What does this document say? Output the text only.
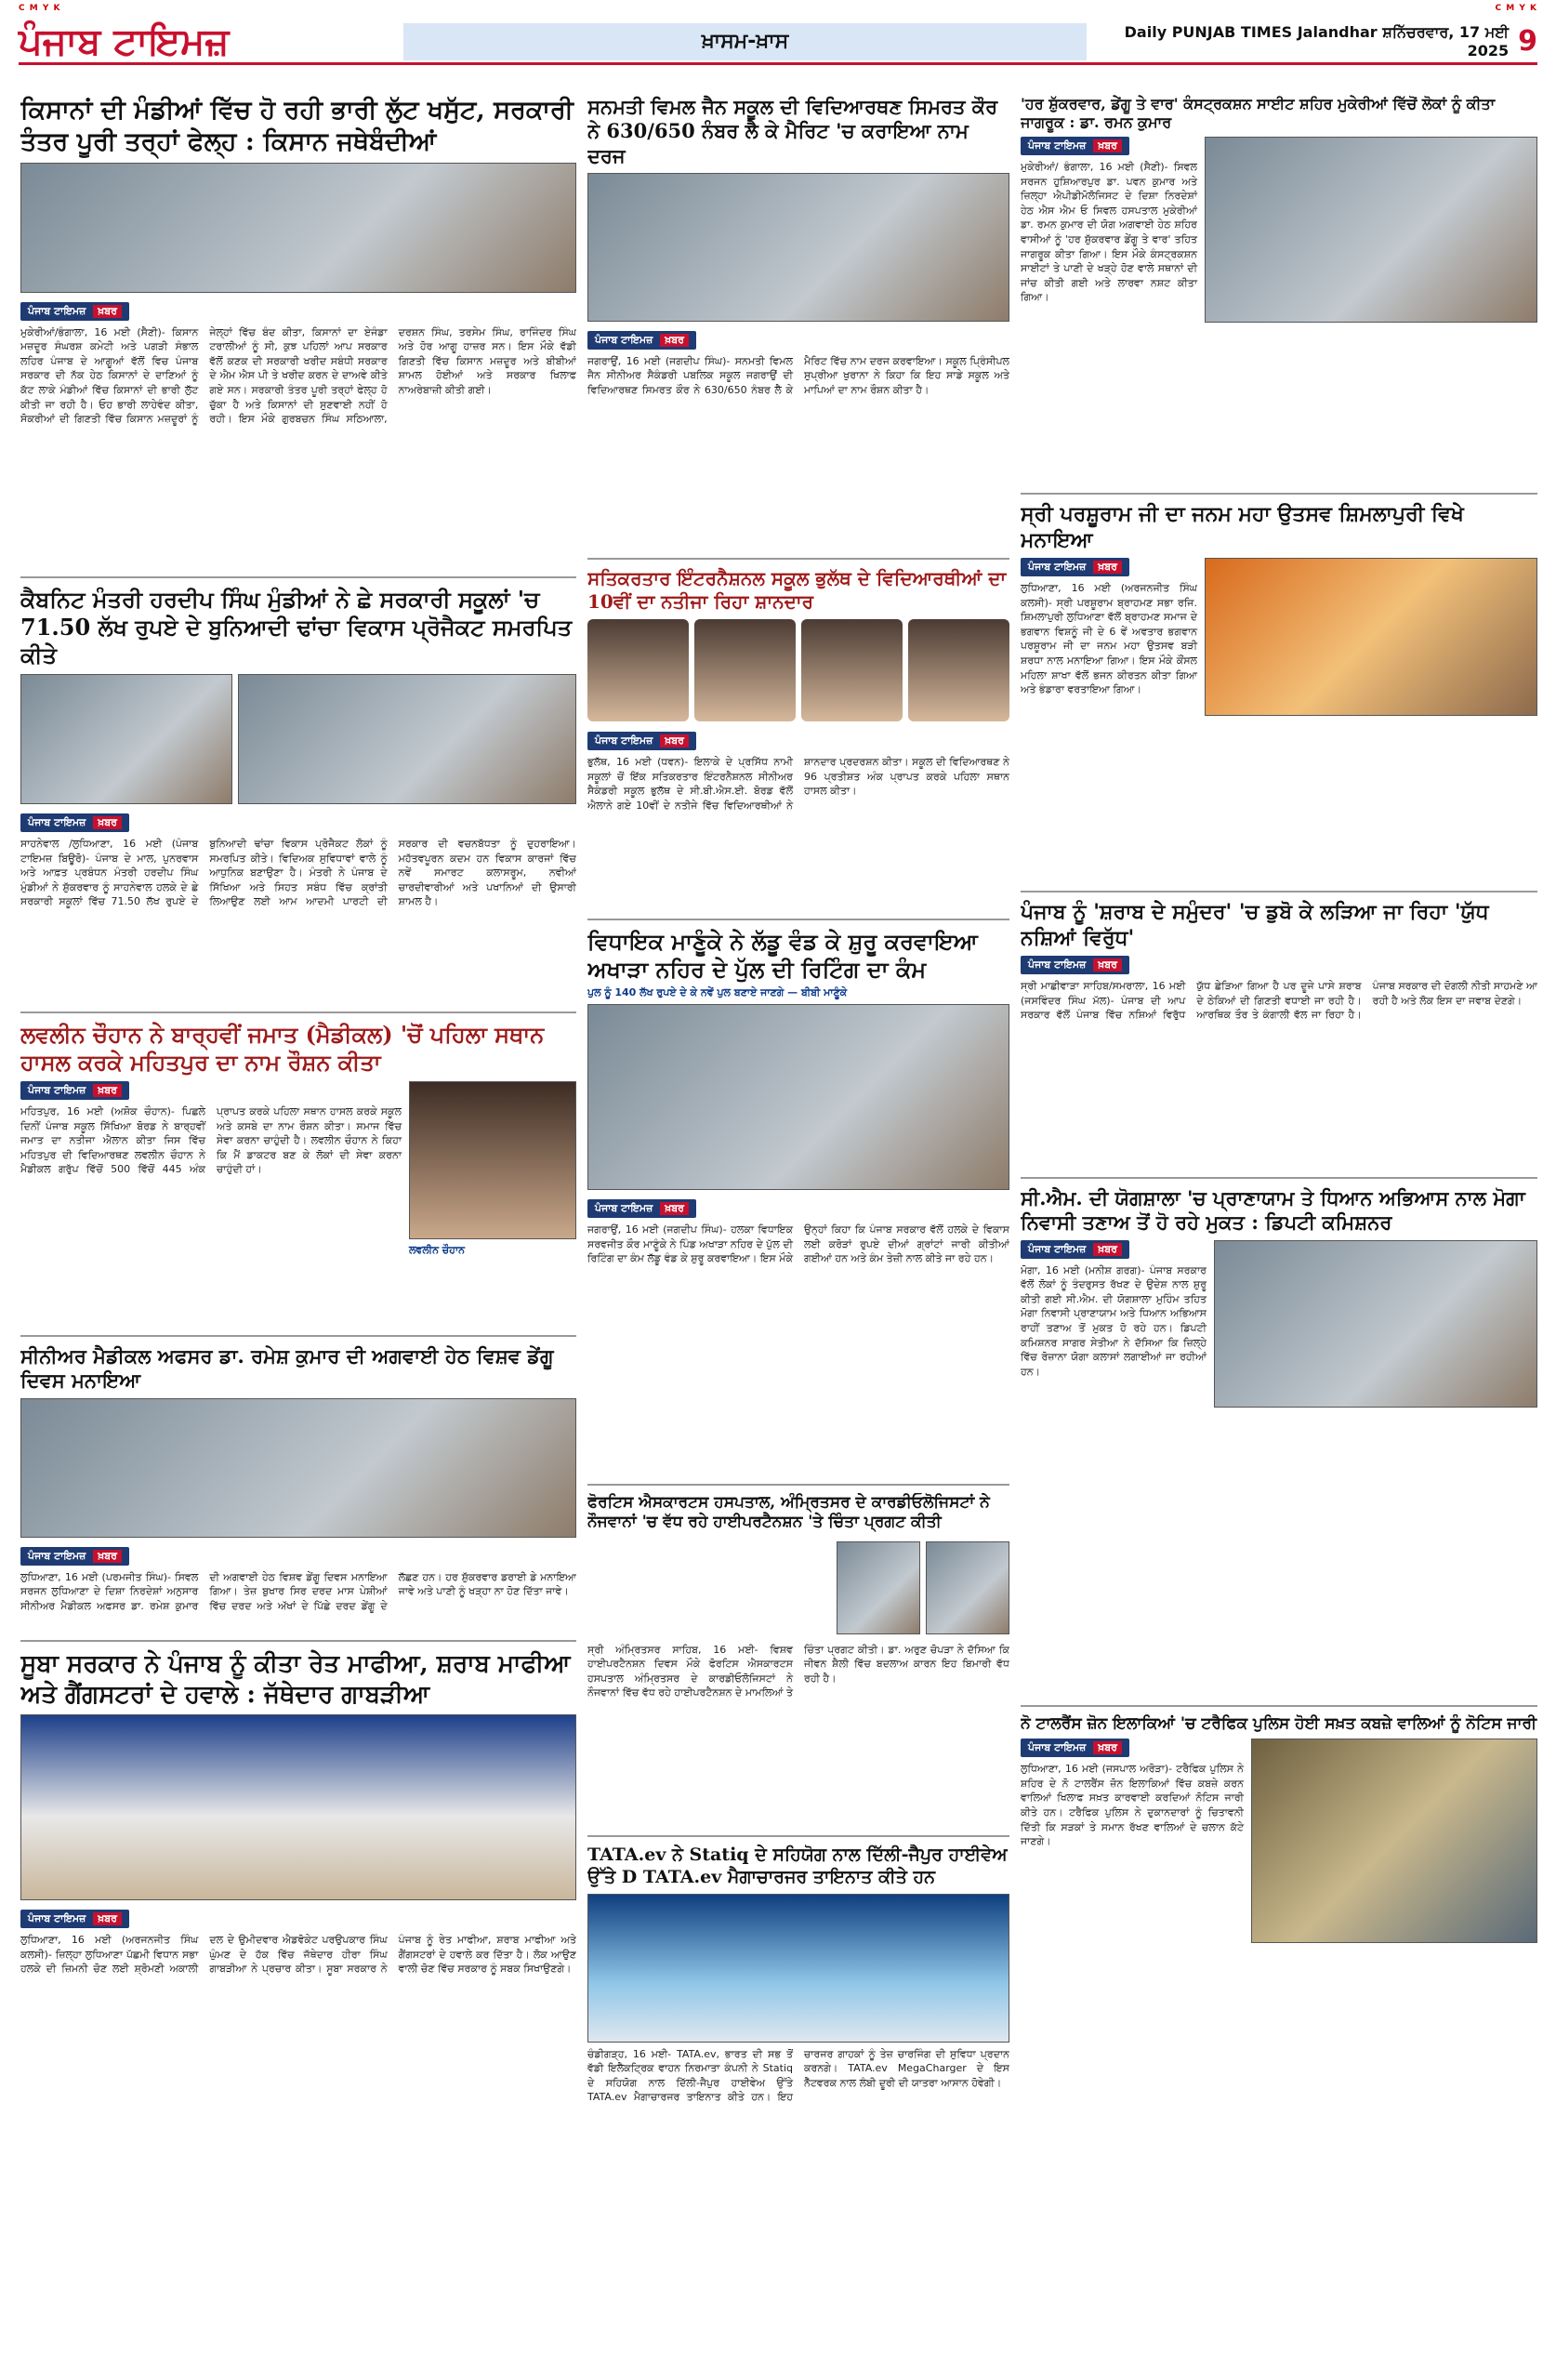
C M Y K	C M Y K
ਪੰਜਾਬ ਟਾਇਮਜ਼	ਖ਼ਾਸਮ-ਖ਼ਾਸ	Daily PUNJAB TIMES Jalandhar ਸ਼ਨਿੱਚਰਵਾਰ, 17 ਮਈ 2025 9
ਕਿਸਾਨਾਂ ਦੀ ਮੰਡੀਆਂ ਵਿੱਚ ਹੋ ਰਹੀ ਭਾਰੀ ਲੁੱਟ ਖਸੁੱਟ, ਸਰਕਾਰੀ ਤੰਤਰ ਪੂਰੀ ਤਰ੍ਹਾਂ ਫੇਲ੍ਹ : ਕਿਸਾਨ ਜਥੇਬੰਦੀਆਂ
ਪੰਜਾਬ ਟਾਇਮਜ਼	ਖ਼ਬਰ
ਮੁਕੇਰੀਆਂ/ਭੰਗਾਲਾ, 16 ਮਈ (ਸੈਣੀ)- ਕਿਸਾਨ ਮਜ਼ਦੂਰ ਸੰਘਰਸ਼ ਕਮੇਟੀ ਅਤੇ ਪਗੜੀ ਸੰਭਾਲ ਲਹਿਰ ਪੰਜਾਬ ਦੇ ਆਗੂਆਂ ਵੱਲੋਂ ਵਿਚ ਪੰਜਾਬ ਸਰਕਾਰ ਦੀ ਨੱਕ ਹੇਠ ਕਿਸਾਨਾਂ ਦੇ ਦਾਣਿਆਂ ਨੂੰ ਕੱਟ ਲਾਕੇ ਮੰਡੀਆਂ ਵਿੱਚ ਕਿਸਾਨਾਂ ਦੀ ਭਾਰੀ ਲੁੱਟ ਕੀਤੀ ਜਾ ਰਹੀ ਹੈ। ਓਹ ਭਾਰੀ ਲਾਹੇਵੰਦ ਕੀਤਾ, ਸੋਕਰੀਆਂ ਦੀ ਗਿਣਤੀ ਵਿੱਚ ਕਿਸਾਨ ਮਜ਼ਦੂਰਾਂ ਨੂੰ ਜੇਲ੍ਹਾਂ ਵਿੱਚ ਬੰਦ ਕੀਤਾ, ਕਿਸਾਨਾਂ ਦਾ ਏਜੰਡਾ ਟਰਾਲੀਆਂ ਨੂੰ ਸੀ, ਕੁਝ ਪਹਿਲਾਂ ਆਪ ਸਰਕਾਰ ਵੱਲੋਂ ਕਣਕ ਦੀ ਸਰਕਾਰੀ ਖਰੀਦ ਸਬੰਧੀ ਸਰਕਾਰ ਦੇ ਐਮ ਐਸ ਪੀ ਤੇ ਖਰੀਦ ਕਰਨ ਦੇ ਦਾਅਵੇ ਕੀਤੇ ਗਏ ਸਨ। ਸਰਕਾਰੀ ਤੰਤਰ ਪੂਰੀ ਤਰ੍ਹਾਂ ਫੇਲ੍ਹ ਹੋ ਚੁੱਕਾ ਹੈ ਅਤੇ ਕਿਸਾਨਾਂ ਦੀ ਸੁਣਵਾਈ ਨਹੀਂ ਹੋ ਰਹੀ। ਇਸ ਮੌਕੇ ਗੁਰਬਚਨ ਸਿੰਘ ਸਠਿਆਲਾ, ਦਰਸ਼ਨ ਸਿੰਘ, ਤਰਸੇਮ ਸਿੰਘ, ਰਾਜਿੰਦਰ ਸਿੰਘ ਅਤੇ ਹੋਰ ਆਗੂ ਹਾਜ਼ਰ ਸਨ। ਇਸ ਮੌਕੇ ਵੱਡੀ ਗਿਣਤੀ ਵਿੱਚ ਕਿਸਾਨ ਮਜ਼ਦੂਰ ਅਤੇ ਬੀਬੀਆਂ ਸ਼ਾਮਲ ਹੋਈਆਂ ਅਤੇ ਸਰਕਾਰ ਖਿਲਾਫ ਨਾਅਰੇਬਾਜ਼ੀ ਕੀਤੀ ਗਈ।
ਕੈਬਨਿਟ ਮੰਤਰੀ ਹਰਦੀਪ ਸਿੰਘ ਮੁੰਡੀਆਂ ਨੇ ਛੇ ਸਰਕਾਰੀ ਸਕੂਲਾਂ 'ਚ 71.50 ਲੱਖ ਰੁਪਏ ਦੇ ਬੁਨਿਆਦੀ ਢਾਂਚਾ ਵਿਕਾਸ ਪ੍ਰੋਜੈਕਟ ਸਮਰਪਿਤ ਕੀਤੇ
ਪੰਜਾਬ ਟਾਇਮਜ਼	ਖ਼ਬਰ
ਸਾਹਨੇਵਾਲ /ਲੁਧਿਆਣਾ, 16 ਮਈ (ਪੰਜਾਬ ਟਾਇਮਜ਼ ਬਿਊਰੋ)- ਪੰਜਾਬ ਦੇ ਮਾਲ, ਪੁਨਰਵਾਸ ਅਤੇ ਆਫ਼ਤ ਪ੍ਰਬੰਧਨ ਮੰਤਰੀ ਹਰਦੀਪ ਸਿੰਘ ਮੁੰਡੀਆਂ ਨੇ ਸ਼ੁੱਕਰਵਾਰ ਨੂੰ ਸਾਹਨੇਵਾਲ ਹਲਕੇ ਦੇ ਛੇ ਸਰਕਾਰੀ ਸਕੂਲਾਂ ਵਿੱਚ 71.50 ਲੱਖ ਰੁਪਏ ਦੇ ਬੁਨਿਆਦੀ ਢਾਂਚਾ ਵਿਕਾਸ ਪ੍ਰੋਜੈਕਟ ਲੋਕਾਂ ਨੂੰ ਸਮਰਪਿਤ ਕੀਤੇ। ਵਿਦਿਅਕ ਸੁਵਿਧਾਵਾਂ ਵਾਲੇ ਨੂੰ ਆਧੁਨਿਕ ਬਣਾਉਣਾ ਹੈ। ਮੰਤਰੀ ਨੇ ਪੰਜਾਬ ਦੇ ਸਿੱਖਿਆ ਅਤੇ ਸਿਹਤ ਸਬੰਧ ਵਿੱਚ ਕ੍ਰਾਂਤੀ ਲਿਆਉਣ ਲਈ ਆਮ ਆਦਮੀ ਪਾਰਟੀ ਦੀ ਸਰਕਾਰ ਦੀ ਵਚਨਬੱਧਤਾ ਨੂੰ ਦੁਹਰਾਇਆ। ਮਹੱਤਵਪੂਰਨ ਕਦਮ ਹਨ ਵਿਕਾਸ ਕਾਰਜਾਂ ਵਿੱਚ ਨਵੇਂ ਸਮਾਰਟ ਕਲਾਸਰੂਮ, ਨਵੀਆਂ ਚਾਰਦੀਵਾਰੀਆਂ ਅਤੇ ਪਖਾਨਿਆਂ ਦੀ ਉਸਾਰੀ ਸ਼ਾਮਲ ਹੈ।
ਲਵਲੀਨ ਚੌਹਾਨ ਨੇ ਬਾਰ੍ਹਵੀਂ ਜਮਾਤ (ਮੈਡੀਕਲ) 'ਚੋਂ ਪਹਿਲਾ ਸਥਾਨ ਹਾਸਲ ਕਰਕੇ ਮਹਿਤਪੁਰ ਦਾ ਨਾਮ ਰੌਸ਼ਨ ਕੀਤਾ
ਪੰਜਾਬ ਟਾਇਮਜ਼	ਖ਼ਬਰ
ਮਹਿਤਪੁਰ, 16 ਮਈ (ਅਸ਼ੋਕ ਚੌਹਾਨ)- ਪਿਛਲੇ ਦਿਨੀਂ ਪੰਜਾਬ ਸਕੂਲ ਸਿੱਖਿਆ ਬੋਰਡ ਨੇ ਬਾਰ੍ਹਵੀਂ ਜਮਾਤ ਦਾ ਨਤੀਜਾ ਐਲਾਨ ਕੀਤਾ ਜਿਸ ਵਿੱਚ ਮਹਿਤਪੁਰ ਦੀ ਵਿਦਿਆਰਥਣ ਲਵਲੀਨ ਚੌਹਾਨ ਨੇ ਮੈਡੀਕਲ ਗਰੁੱਪ ਵਿੱਚੋਂ 500 ਵਿੱਚੋਂ 445 ਅੰਕ ਪ੍ਰਾਪਤ ਕਰਕੇ ਪਹਿਲਾ ਸਥਾਨ ਹਾਸਲ ਕਰਕੇ ਸਕੂਲ ਅਤੇ ਕਸਬੇ ਦਾ ਨਾਮ ਰੌਸ਼ਨ ਕੀਤਾ। ਸਮਾਜ ਵਿੱਚ ਸੇਵਾ ਕਰਨਾ ਚਾਹੁੰਦੀ ਹੈ। ਲਵਲੀਨ ਚੌਹਾਨ ਨੇ ਕਿਹਾ ਕਿ ਮੈਂ ਡਾਕਟਰ ਬਣ ਕੇ ਲੋਕਾਂ ਦੀ ਸੇਵਾ ਕਰਨਾ ਚਾਹੁੰਦੀ ਹਾਂ।
ਲਵਲੀਨ ਚੌਹਾਨ
ਸੀਨੀਅਰ ਮੈਡੀਕਲ ਅਫਸਰ ਡਾ. ਰਮੇਸ਼ ਕੁਮਾਰ ਦੀ ਅਗਵਾਈ ਹੇਠ ਵਿਸ਼ਵ ਡੇਂਗੂ ਦਿਵਸ ਮਨਾਇਆ
ਪੰਜਾਬ ਟਾਇਮਜ਼	ਖ਼ਬਰ
ਲੁਧਿਆਣਾ, 16 ਮਈ (ਪਰਮਜੀਤ ਸਿੰਘ)- ਸਿਵਲ ਸਰਜਨ ਲੁਧਿਆਣਾ ਦੇ ਦਿਸ਼ਾ ਨਿਰਦੇਸ਼ਾਂ ਅਨੁਸਾਰ ਸੀਨੀਅਰ ਮੈਡੀਕਲ ਅਫਸਰ ਡਾ. ਰਮੇਸ਼ ਕੁਮਾਰ ਦੀ ਅਗਵਾਈ ਹੇਠ ਵਿਸ਼ਵ ਡੇਂਗੂ ਦਿਵਸ ਮਨਾਇਆ ਗਿਆ। ਤੇਜ਼ ਬੁਖਾਰ ਸਿਰ ਦਰਦ ਮਾਸ ਪੇਸ਼ੀਆਂ ਵਿੱਚ ਦਰਦ ਅਤੇ ਅੱਖਾਂ ਦੇ ਪਿੱਛੇ ਦਰਦ ਡੇਂਗੂ ਦੇ ਲੱਛਣ ਹਨ। ਹਰ ਸ਼ੁੱਕਰਵਾਰ ਡਰਾਈ ਡੇ ਮਨਾਇਆ ਜਾਵੇ ਅਤੇ ਪਾਣੀ ਨੂੰ ਖੜ੍ਹਾ ਨਾ ਹੋਣ ਦਿੱਤਾ ਜਾਵੇ।
ਸੂਬਾ ਸਰਕਾਰ ਨੇ ਪੰਜਾਬ ਨੂੰ ਕੀਤਾ ਰੇਤ ਮਾਫੀਆ, ਸ਼ਰਾਬ ਮਾਫੀਆ ਅਤੇ ਗੈਂਗਸਟਰਾਂ ਦੇ ਹਵਾਲੇ : ਜੱਥੇਦਾਰ ਗਾਬੜੀਆ
ਪੰਜਾਬ ਟਾਇਮਜ਼	ਖ਼ਬਰ
ਲੁਧਿਆਣਾ, 16 ਮਈ (ਅਰਜਨਜੀਤ ਸਿੰਘ ਕਲਸੀ)- ਜ਼ਿਲ੍ਹਾ ਲੁਧਿਆਣਾ ਪੱਛਮੀ ਵਿਧਾਨ ਸਭਾ ਹਲਕੇ ਦੀ ਜ਼ਿਮਨੀ ਚੋਣ ਲਈ ਸ਼੍ਰੋਮਣੀ ਅਕਾਲੀ ਦਲ ਦੇ ਉਮੀਦਵਾਰ ਐਡਵੋਕੇਟ ਪਰਉਪਕਾਰ ਸਿੰਘ ਘੁੰਮਣ ਦੇ ਹੱਕ ਵਿੱਚ ਜੱਥੇਦਾਰ ਹੀਰਾ ਸਿੰਘ ਗਾਬੜੀਆ ਨੇ ਪ੍ਰਚਾਰ ਕੀਤਾ। ਸੂਬਾ ਸਰਕਾਰ ਨੇ ਪੰਜਾਬ ਨੂੰ ਰੇਤ ਮਾਫੀਆ, ਸ਼ਰਾਬ ਮਾਫੀਆ ਅਤੇ ਗੈਂਗਸਟਰਾਂ ਦੇ ਹਵਾਲੇ ਕਰ ਦਿੱਤਾ ਹੈ। ਲੋਕ ਆਉਣ ਵਾਲੀ ਚੋਣ ਵਿੱਚ ਸਰਕਾਰ ਨੂੰ ਸਬਕ ਸਿਖਾਉਣਗੇ।
ਸਨਮਤੀ ਵਿਮਲ ਜੈਨ ਸਕੂਲ ਦੀ ਵਿਦਿਆਰਥਣ ਸਿਮਰਤ ਕੌਰ ਨੇ 630/650 ਨੰਬਰ ਲੈ ਕੇ ਮੈਰਿਟ 'ਚ ਕਰਾਇਆ ਨਾਮ ਦਰਜ
ਪੰਜਾਬ ਟਾਇਮਜ਼	ਖ਼ਬਰ
ਜਗਰਾਉਂ, 16 ਮਈ (ਜਗਦੀਪ ਸਿੰਘ)- ਸਨਮਤੀ ਵਿਮਲ ਜੈਨ ਸੀਨੀਅਰ ਸੈਕੰਡਰੀ ਪਬਲਿਕ ਸਕੂਲ ਜਗਰਾਉਂ ਦੀ ਵਿਦਿਆਰਥਣ ਸਿਮਰਤ ਕੌਰ ਨੇ 630/650 ਨੰਬਰ ਲੈ ਕੇ ਮੈਰਿਟ ਵਿੱਚ ਨਾਮ ਦਰਜ ਕਰਵਾਇਆ। ਸਕੂਲ ਪ੍ਰਿੰਸੀਪਲ ਸੁਪ੍ਰੀਆ ਖੁਰਾਨਾ ਨੇ ਕਿਹਾ ਕਿ ਇਹ ਸਾਡੇ ਸਕੂਲ ਅਤੇ ਮਾਪਿਆਂ ਦਾ ਨਾਮ ਰੌਸ਼ਨ ਕੀਤਾ ਹੈ।
ਸਤਿਕਰਤਾਰ ਇੰਟਰਨੈਸ਼ਨਲ ਸਕੂਲ ਭੁਲੱਥ ਦੇ ਵਿਦਿਆਰਥੀਆਂ ਦਾ 10ਵੀਂ ਦਾ ਨਤੀਜਾ ਰਿਹਾ ਸ਼ਾਨਦਾਰ
ਪੰਜਾਬ ਟਾਇਮਜ਼	ਖ਼ਬਰ
ਭੁਲੱਥ, 16 ਮਈ (ਧਵਨ)- ਇਲਾਕੇ ਦੇ ਪ੍ਰਸਿੱਧ ਨਾਮੀ ਸਕੂਲਾਂ ਚੋਂ ਇੱਕ ਸਤਿਕਰਤਾਰ ਇੰਟਰਨੈਸ਼ਨਲ ਸੀਨੀਅਰ ਸੈਕੰਡਰੀ ਸਕੂਲ ਭੁਲੱਥ ਦੇ ਸੀ.ਬੀ.ਐਸ.ਈ. ਬੋਰਡ ਵੱਲੋਂ ਐਲਾਨੇ ਗਏ 10ਵੀਂ ਦੇ ਨਤੀਜੇ ਵਿੱਚ ਵਿਦਿਆਰਥੀਆਂ ਨੇ ਸ਼ਾਨਦਾਰ ਪ੍ਰਦਰਸ਼ਨ ਕੀਤਾ। ਸਕੂਲ ਦੀ ਵਿਦਿਆਰਥਣ ਨੇ 96 ਪ੍ਰਤੀਸ਼ਤ ਅੰਕ ਪ੍ਰਾਪਤ ਕਰਕੇ ਪਹਿਲਾ ਸਥਾਨ ਹਾਸਲ ਕੀਤਾ।
ਵਿਧਾਇਕ ਮਾਣੂੰਕੇ ਨੇ ਲੱਡੂ ਵੰਡ ਕੇ ਸ਼ੁਰੂ ਕਰਵਾਇਆ ਅਖਾੜਾ ਨਹਿਰ ਦੇ ਪੁੱਲ ਦੀ ਰਿਟਿੰਗ ਦਾ ਕੰਮ
ਪੁਲ ਨੂੰ 140 ਲੱਖ ਰੁਪਏ ਦੇ ਕੇ ਨਵੇਂ ਪੁਲ ਬਣਾਏ ਜਾਣਗੇ — ਬੀਬੀ ਮਾਣੂੰਕੇ
ਪੰਜਾਬ ਟਾਇਮਜ਼	ਖ਼ਬਰ
ਜਗਰਾਉਂ, 16 ਮਈ (ਜਗਦੀਪ ਸਿੰਘ)- ਹਲਕਾ ਵਿਧਾਇਕ ਸਰਵਜੀਤ ਕੌਰ ਮਾਣੂੰਕੇ ਨੇ ਪਿੰਡ ਅਖਾੜਾ ਨਹਿਰ ਦੇ ਪੁੱਲ ਦੀ ਰਿਟਿੰਗ ਦਾ ਕੰਮ ਲੱਡੂ ਵੰਡ ਕੇ ਸ਼ੁਰੂ ਕਰਵਾਇਆ। ਇਸ ਮੌਕੇ ਉਨ੍ਹਾਂ ਕਿਹਾ ਕਿ ਪੰਜਾਬ ਸਰਕਾਰ ਵੱਲੋਂ ਹਲਕੇ ਦੇ ਵਿਕਾਸ ਲਈ ਕਰੋੜਾਂ ਰੁਪਏ ਦੀਆਂ ਗ੍ਰਾਂਟਾਂ ਜਾਰੀ ਕੀਤੀਆਂ ਗਈਆਂ ਹਨ ਅਤੇ ਕੰਮ ਤੇਜ਼ੀ ਨਾਲ ਕੀਤੇ ਜਾ ਰਹੇ ਹਨ।
ਫੋਰਟਿਸ ਐਸਕਾਰਟਸ ਹਸਪਤਾਲ, ਅੰਮ੍ਰਿਤਸਰ ਦੇ ਕਾਰਡੀਓਲੋਜਿਸਟਾਂ ਨੇ ਨੌਜਵਾਨਾਂ 'ਚ ਵੱਧ ਰਹੇ ਹਾਈਪਰਟੈਨਸ਼ਨ 'ਤੇ ਚਿੰਤਾ ਪ੍ਰਗਟ ਕੀਤੀ
ਸ੍ਰੀ ਅੰਮ੍ਰਿਤਸਰ ਸਾਹਿਬ, 16 ਮਈ- ਵਿਸ਼ਵ ਹਾਈਪਰਟੈਨਸ਼ਨ ਦਿਵਸ ਮੌਕੇ ਫੋਰਟਿਸ ਐਸਕਾਰਟਸ ਹਸਪਤਾਲ ਅੰਮ੍ਰਿਤਸਰ ਦੇ ਕਾਰਡੀਓਲੋਜਿਸਟਾਂ ਨੇ ਨੌਜਵਾਨਾਂ ਵਿੱਚ ਵੱਧ ਰਹੇ ਹਾਈਪਰਟੈਨਸ਼ਨ ਦੇ ਮਾਮਲਿਆਂ ਤੇ ਚਿੰਤਾ ਪ੍ਰਗਟ ਕੀਤੀ। ਡਾ. ਅਰੁਣ ਚੋਪੜਾ ਨੇ ਦੱਸਿਆ ਕਿ ਜੀਵਨ ਸ਼ੈਲੀ ਵਿੱਚ ਬਦਲਾਅ ਕਾਰਨ ਇਹ ਬਿਮਾਰੀ ਵੱਧ ਰਹੀ ਹੈ।
TATA.ev ਨੇ Statiq ਦੇ ਸਹਿਯੋਗ ਨਾਲ ਦਿੱਲੀ-ਜੈਪੁਰ ਹਾਈਵੇਅ ਉੱਤੇ D TATA.ev ਮੈਗਾਚਾਰਜਰ ਤਾਇਨਾਤ ਕੀਤੇ ਹਨ
ਚੰਡੀਗੜ੍ਹ, 16 ਮਈ- TATA.ev, ਭਾਰਤ ਦੀ ਸਭ ਤੋਂ ਵੱਡੀ ਇਲੈਕਟ੍ਰਿਕ ਵਾਹਨ ਨਿਰਮਾਤਾ ਕੰਪਨੀ ਨੇ Statiq ਦੇ ਸਹਿਯੋਗ ਨਾਲ ਦਿੱਲੀ-ਜੈਪੁਰ ਹਾਈਵੇਅ ਉੱਤੇ TATA.ev ਮੈਗਾਚਾਰਜਰ ਤਾਇਨਾਤ ਕੀਤੇ ਹਨ। ਇਹ ਚਾਰਜਰ ਗਾਹਕਾਂ ਨੂੰ ਤੇਜ਼ ਚਾਰਜਿੰਗ ਦੀ ਸੁਵਿਧਾ ਪ੍ਰਦਾਨ ਕਰਨਗੇ। TATA.ev MegaCharger ਦੇ ਇਸ ਨੈੱਟਵਰਕ ਨਾਲ ਲੰਬੀ ਦੂਰੀ ਦੀ ਯਾਤਰਾ ਆਸਾਨ ਹੋਵੇਗੀ।
'ਹਰ ਸ਼ੁੱਕਰਵਾਰ, ਡੇਂਗੂ ਤੇ ਵਾਰ' ਕੰਸਟ੍ਰਕਸ਼ਨ ਸਾਈਟ ਸ਼ਹਿਰ ਮੁਕੇਰੀਆਂ ਵਿੱਚੋਂ ਲੋਕਾਂ ਨੂੰ ਕੀਤਾ ਜਾਗਰੂਕ : ਡਾ. ਰਮਨ ਕੁਮਾਰ
ਪੰਜਾਬ ਟਾਇਮਜ਼	ਖ਼ਬਰ
ਮੁਕੇਰੀਆਂ/ ਭੰਗਾਲਾ, 16 ਮਈ (ਸੈਣੀ)- ਸਿਵਲ ਸਰਜਨ ਹੁਸ਼ਿਆਰਪੁਰ ਡਾ. ਪਵਨ ਕੁਮਾਰ ਅਤੇ ਜ਼ਿਲ੍ਹਾ ਐਪੀਡੀਮੋਲੋਜਿਸਟ ਦੇ ਦਿਸ਼ਾ ਨਿਰਦੇਸ਼ਾਂ ਹੇਠ ਐਸ ਐਮ ਓ ਸਿਵਲ ਹਸਪਤਾਲ ਮੁਕੇਰੀਆਂ ਡਾ. ਰਮਨ ਕੁਮਾਰ ਦੀ ਯੋਗ ਅਗਵਾਈ ਹੇਠ ਸ਼ਹਿਰ ਵਾਸੀਆਂ ਨੂੰ 'ਹਰ ਸ਼ੁੱਕਰਵਾਰ ਡੇਂਗੂ ਤੇ ਵਾਰ' ਤਹਿਤ ਜਾਗਰੂਕ ਕੀਤਾ ਗਿਆ। ਇਸ ਮੌਕੇ ਕੰਸਟ੍ਰਕਸ਼ਨ ਸਾਈਟਾਂ ਤੇ ਪਾਣੀ ਦੇ ਖੜ੍ਹੇ ਹੋਣ ਵਾਲੇ ਸਥਾਨਾਂ ਦੀ ਜਾਂਚ ਕੀਤੀ ਗਈ ਅਤੇ ਲਾਰਵਾ ਨਸ਼ਟ ਕੀਤਾ ਗਿਆ।
ਸ੍ਰੀ ਪਰਸ਼ੂਰਾਮ ਜੀ ਦਾ ਜਨਮ ਮਹਾ ਉਤਸਵ ਸ਼ਿਮਲਾਪੁਰੀ ਵਿਖੇ ਮਨਾਇਆ
ਪੰਜਾਬ ਟਾਇਮਜ਼	ਖ਼ਬਰ
ਲੁਧਿਆਣਾ, 16 ਮਈ (ਅਰਜਨਜੀਤ ਸਿੰਘ ਕਲਸੀ)- ਸ੍ਰੀ ਪਰਸ਼ੂਰਾਮ ਬ੍ਰਾਹਮਣ ਸਭਾ ਰਜਿ. ਸ਼ਿਮਲਾਪੁਰੀ ਲੁਧਿਆਣਾ ਵੱਲੋਂ ਬ੍ਰਾਹਮਣ ਸਮਾਜ ਦੇ ਭਗਵਾਨ ਵਿਸ਼ਨੂੰ ਜੀ ਦੇ 6 ਵੇਂ ਅਵਤਾਰ ਭਗਵਾਨ ਪਰਸ਼ੂਰਾਮ ਜੀ ਦਾ ਜਨਮ ਮਹਾ ਉਤਸਵ ਬੜੀ ਸ਼ਰਧਾ ਨਾਲ ਮਨਾਇਆ ਗਿਆ। ਇਸ ਮੌਕੇ ਕੌਂਸਲ ਮਹਿਲਾ ਸ਼ਾਖਾ ਵੱਲੋਂ ਭਜਨ ਕੀਰਤਨ ਕੀਤਾ ਗਿਆ ਅਤੇ ਭੰਡਾਰਾ ਵਰਤਾਇਆ ਗਿਆ।
ਪੰਜਾਬ ਨੂੰ 'ਸ਼ਰਾਬ ਦੇ ਸਮੁੰਦਰ' 'ਚ ਡੁਬੋ ਕੇ ਲੜਿਆ ਜਾ ਰਿਹਾ 'ਯੁੱਧ ਨਸ਼ਿਆਂ ਵਿਰੁੱਧ'
ਪੰਜਾਬ ਟਾਇਮਜ਼	ਖ਼ਬਰ
ਸ੍ਰੀ ਮਾਛੀਵਾੜਾ ਸਾਹਿਬ/ਸਮਰਾਲਾ, 16 ਮਈ (ਜਸਵਿੰਦਰ ਸਿੰਘ ਮੱਲ)- ਪੰਜਾਬ ਦੀ ਆਪ ਸਰਕਾਰ ਵੱਲੋਂ ਪੰਜਾਬ ਵਿੱਚ ਨਸ਼ਿਆਂ ਵਿਰੁੱਧ ਯੁੱਧ ਛੇੜਿਆ ਗਿਆ ਹੈ ਪਰ ਦੂਜੇ ਪਾਸੇ ਸ਼ਰਾਬ ਦੇ ਠੇਕਿਆਂ ਦੀ ਗਿਣਤੀ ਵਧਾਈ ਜਾ ਰਹੀ ਹੈ। ਆਰਥਿਕ ਤੌਰ ਤੇ ਕੰਗਾਲੀ ਵੱਲ ਜਾ ਰਿਹਾ ਹੈ। ਪੰਜਾਬ ਸਰਕਾਰ ਦੀ ਦੋਗਲੀ ਨੀਤੀ ਸਾਹਮਣੇ ਆ ਰਹੀ ਹੈ ਅਤੇ ਲੋਕ ਇਸ ਦਾ ਜਵਾਬ ਦੇਣਗੇ।
ਸੀ.ਐਮ. ਦੀ ਯੋਗਸ਼ਾਲਾ 'ਚ ਪ੍ਰਾਣਾਯਾਮ ਤੇ ਧਿਆਨ ਅਭਿਆਸ ਨਾਲ ਮੋਗਾ ਨਿਵਾਸੀ ਤਣਾਅ ਤੋਂ ਹੋ ਰਹੇ ਮੁਕਤ : ਡਿਪਟੀ ਕਮਿਸ਼ਨਰ
ਪੰਜਾਬ ਟਾਇਮਜ਼	ਖ਼ਬਰ
ਮੋਗਾ, 16 ਮਈ (ਮਨੀਸ਼ ਗਰਗ)- ਪੰਜਾਬ ਸਰਕਾਰ ਵੱਲੋਂ ਲੋਕਾਂ ਨੂੰ ਤੰਦਰੁਸਤ ਰੱਖਣ ਦੇ ਉਦੇਸ਼ ਨਾਲ ਸ਼ੁਰੂ ਕੀਤੀ ਗਈ ਸੀ.ਐਮ. ਦੀ ਯੋਗਸ਼ਾਲਾ ਮੁਹਿੰਮ ਤਹਿਤ ਮੋਗਾ ਨਿਵਾਸੀ ਪ੍ਰਾਣਾਯਾਮ ਅਤੇ ਧਿਆਨ ਅਭਿਆਸ ਰਾਹੀਂ ਤਣਾਅ ਤੋਂ ਮੁਕਤ ਹੋ ਰਹੇ ਹਨ। ਡਿਪਟੀ ਕਮਿਸ਼ਨਰ ਸਾਗਰ ਸੇਤੀਆ ਨੇ ਦੱਸਿਆ ਕਿ ਜ਼ਿਲ੍ਹੇ ਵਿੱਚ ਰੋਜ਼ਾਨਾ ਯੋਗਾ ਕਲਾਸਾਂ ਲਗਾਈਆਂ ਜਾ ਰਹੀਆਂ ਹਨ।
ਨੋ ਟਾਲਰੈਂਸ ਜ਼ੋਨ ਇਲਾਕਿਆਂ 'ਚ ਟਰੈਫਿਕ ਪੁਲਿਸ ਹੋਈ ਸਖ਼ਤ ਕਬਜ਼ੇ ਵਾਲਿਆਂ ਨੂੰ ਨੋਟਿਸ ਜਾਰੀ
ਪੰਜਾਬ ਟਾਇਮਜ਼	ਖ਼ਬਰ
ਲੁਧਿਆਣਾ, 16 ਮਈ (ਜਸਪਾਲ ਅਰੋੜਾ)- ਟਰੈਫਿਕ ਪੁਲਿਸ ਨੇ ਸ਼ਹਿਰ ਦੇ ਨੋ ਟਾਲਰੈਂਸ ਜ਼ੋਨ ਇਲਾਕਿਆਂ ਵਿੱਚ ਕਬਜ਼ੇ ਕਰਨ ਵਾਲਿਆਂ ਖਿਲਾਫ ਸਖ਼ਤ ਕਾਰਵਾਈ ਕਰਦਿਆਂ ਨੋਟਿਸ ਜਾਰੀ ਕੀਤੇ ਹਨ। ਟਰੈਫਿਕ ਪੁਲਿਸ ਨੇ ਦੁਕਾਨਦਾਰਾਂ ਨੂੰ ਚਿਤਾਵਨੀ ਦਿੱਤੀ ਕਿ ਸੜਕਾਂ ਤੇ ਸਮਾਨ ਰੱਖਣ ਵਾਲਿਆਂ ਦੇ ਚਲਾਨ ਕੱਟੇ ਜਾਣਗੇ।
